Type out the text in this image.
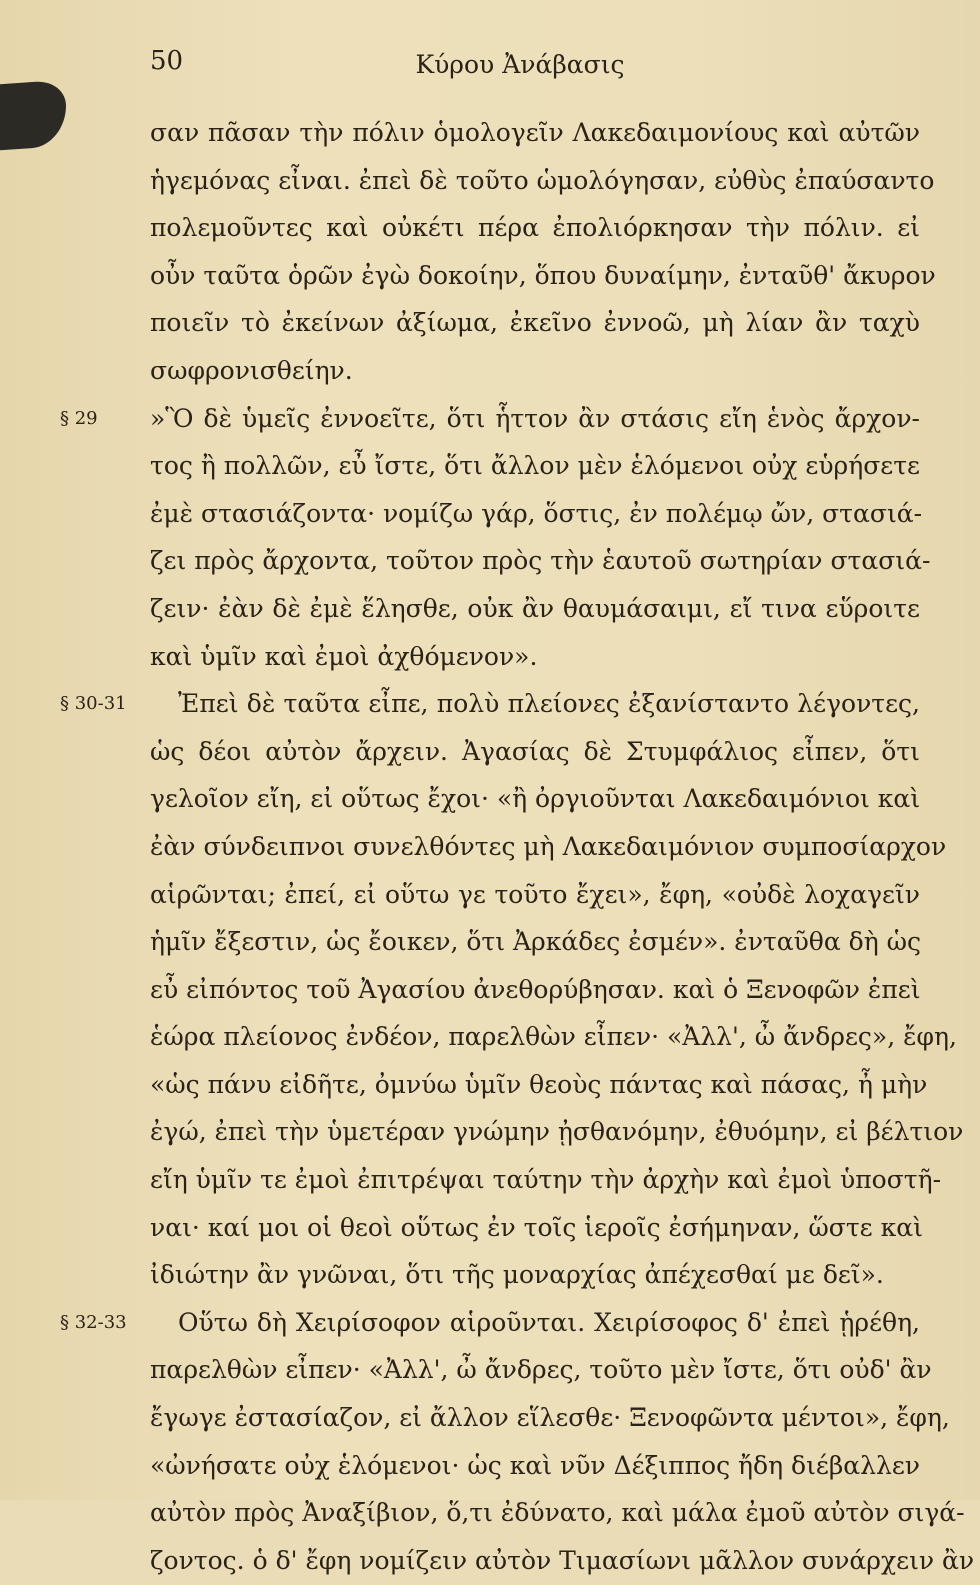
50	Κύρου Ἀνάβασις
σαν πᾶσαν τὴν πόλιν ὁμολογεῖν Λακεδαιμονίους καὶ αὐτῶν
ἡγεμόνας εἶναι. ἐπεὶ δὲ τοῦτο ὡμολόγησαν, εὐθὺς ἐπαύσαντο
πολεμοῦντες καὶ οὐκέτι πέρα ἐπολιόρκησαν τὴν πόλιν. εἰ
οὖν ταῦτα ὁρῶν ἐγὼ δοκοίην, ὅπου δυναίμην, ἐνταῦθ' ἄκυρον
ποιεῖν τὸ ἐκείνων ἀξίωμα, ἐκεῖνο ἐννοῶ, μὴ λίαν ἂν ταχὺ
σωφρονισθείην.
§ 29 »Ὃ δὲ ὑμεῖς ἐννοεῖτε, ὅτι ἧττον ἂν στάσις εἴη ἑνὸς ἄρχον-
τος ἢ πολλῶν, εὖ ἴστε, ὅτι ἄλλον μὲν ἑλόμενοι οὐχ εὑρήσετε
ἐμὲ στασιάζοντα· νομίζω γάρ, ὅστις, ἐν πολέμῳ ὤν, στασιά-
ζει πρὸς ἄρχοντα, τοῦτον πρὸς τὴν ἑαυτοῦ σωτηρίαν στασιά-
ζειν· ἐὰν δὲ ἐμὲ ἕλησθε, οὐκ ἂν θαυμάσαιμι, εἴ τινα εὕροιτε
καὶ ὑμῖν καὶ ἐμοὶ ἀχθόμενον».
§ 30-31 Ἐπεὶ δὲ ταῦτα εἶπε, πολὺ πλείονες ἐξανίσταντο λέγοντες,
ὡς δέοι αὐτὸν ἄρχειν. Ἀγασίας δὲ Στυμφάλιος εἶπεν, ὅτι
γελοῖον εἴη, εἰ οὕτως ἔχοι· «ἢ ὀργιοῦνται Λακεδαιμόνιοι καὶ
ἐὰν σύνδειπνοι συνελθόντες μὴ Λακεδαιμόνιον συμποσίαρχον
αἱρῶνται; ἐπεί, εἰ οὕτω γε τοῦτο ἔχει», ἔφη, «οὐδὲ λοχαγεῖν
ἡμῖν ἔξεστιν, ὡς ἔοικεν, ὅτι Ἀρκάδες ἐσμέν». ἐνταῦθα δὴ ὡς
εὖ εἰπόντος τοῦ Ἀγασίου ἀνεθορύβησαν. καὶ ὁ Ξενοφῶν ἐπεὶ
ἑώρα πλείονος ἐνδέον, παρελθὼν εἶπεν· «Ἀλλ', ὦ ἄνδρες», ἔφη,
«ὡς πάνυ εἰδῆτε, ὀμνύω ὑμῖν θεοὺς πάντας καὶ πάσας, ἦ μὴν
ἐγώ, ἐπεὶ τὴν ὑμετέραν γνώμην ᾐσθανόμην, ἐθυόμην, εἰ βέλτιον
εἴη ὑμῖν τε ἐμοὶ ἐπιτρέψαι ταύτην τὴν ἀρχὴν καὶ ἐμοὶ ὑποστῆ-
ναι· καί μοι οἱ θεοὶ οὕτως ἐν τοῖς ἱεροῖς ἐσήμηναν, ὥστε καὶ
ἰδιώτην ἂν γνῶναι, ὅτι τῆς μοναρχίας ἀπέχεσθαί με δεῖ».
§ 32-33 Οὕτω δὴ Χειρίσοφον αἱροῦνται. Χειρίσοφος δ' ἐπεὶ ᾑρέθη,
παρελθὼν εἶπεν· «Ἀλλ', ὦ ἄνδρες, τοῦτο μὲν ἴστε, ὅτι οὐδ' ἂν
ἔγωγε ἐστασίαζον, εἰ ἄλλον εἵλεσθε· Ξενοφῶντα μέντοι», ἔφη,
«ὠνήσατε οὐχ ἑλόμενοι· ὡς καὶ νῦν Δέξιππος ἤδη διέβαλλεν
αὐτὸν πρὸς Ἀναξίβιον, ὅ,τι ἐδύνατο, καὶ μάλα ἐμοῦ αὐτὸν σιγά-
ζοντος. ὁ δ' ἔφη νομίζειν αὐτὸν Τιμασίωνι μᾶλλον συνάρχειν ἂν
